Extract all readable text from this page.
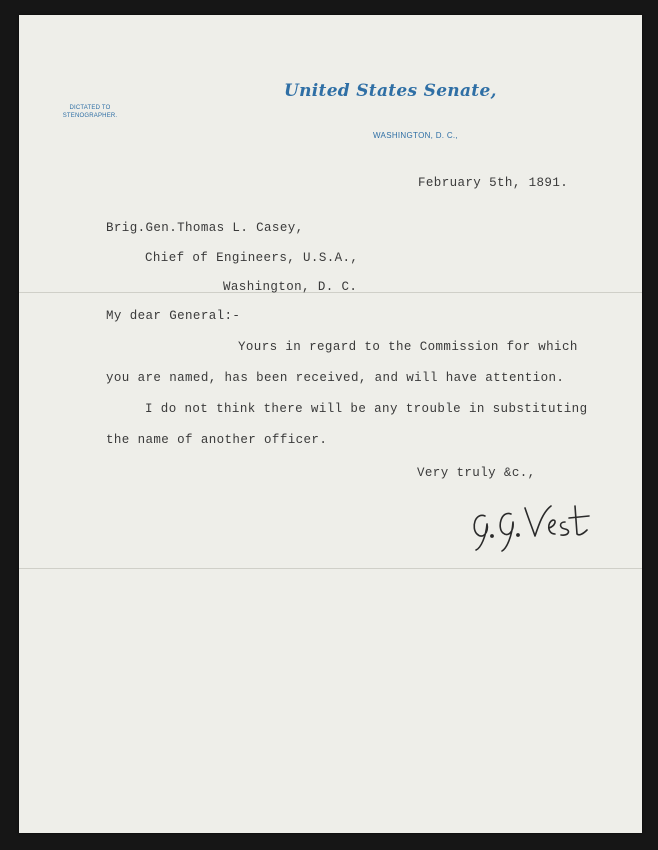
United States Senate,
DICTATED TO
STENOGRAPHER.
WASHINGTON, D. C.,
February 5th, 1891.
Brig.Gen.Thomas L. Casey,
Chief of Engineers, U.S.A.,
Washington, D. C.
My dear General:-
Yours in regard to the Commission for which
you are named, has been received, and will have attention.
I do not think there will be any trouble in substituting
the name of another officer.
Very truly &c.,
